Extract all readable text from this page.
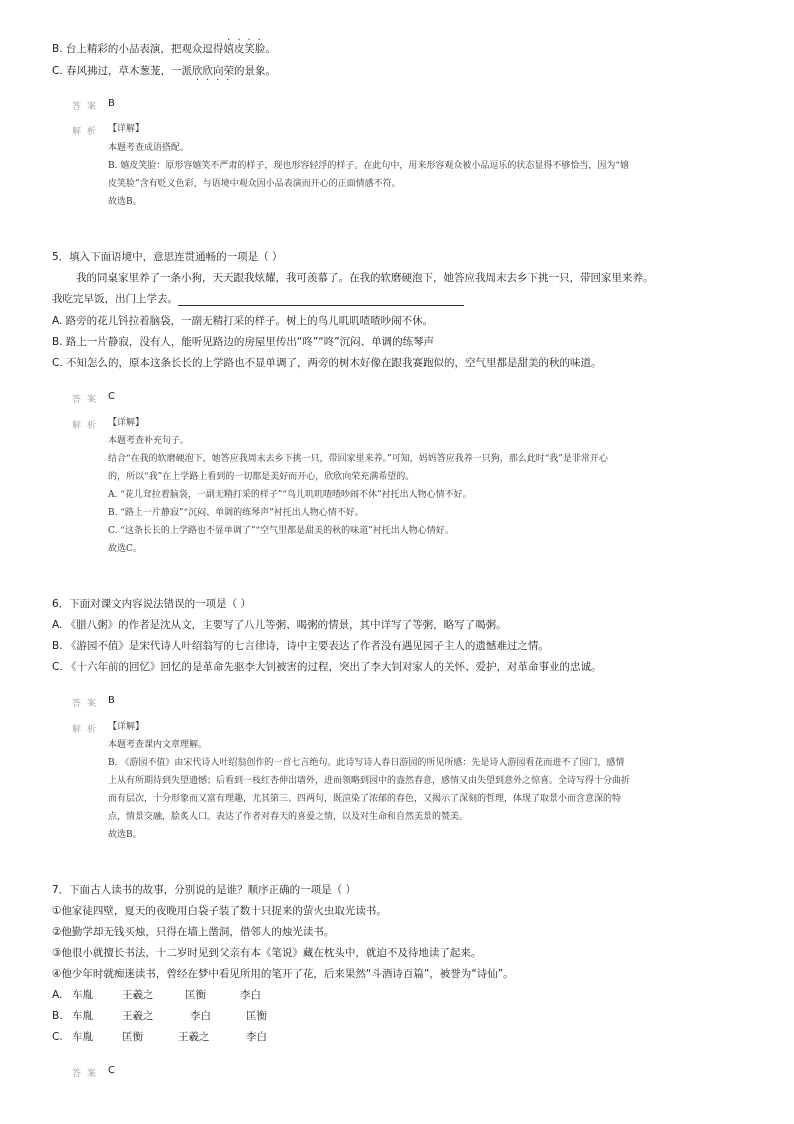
B. 台上精彩的小品表演，把观众逗得嬉皮笑脸
····
。
C. 春风拂过，草木葱茏，一派欣欣向荣
····
的景象。
答案 B
解析 【详解】
本题考查成语搭配。
B. 嬉皮笑脸：原形容嬉笑不严肃的样子，现也形容轻浮的样子。在此句中，用来形容观众被小品逗乐的状态显得不够恰当，因为“嬉
皮笑脸”含有贬义色彩，与语境中观众因小品表演而开心的正面情感不符。
故选B。
5．填入下面语境中，意思连贯通畅的一项是（ ）
我的同桌家里养了一条小狗，天天跟我炫耀，我可羡慕了。在我的软磨硬泡下，她答应我周末去乡下挑一只，带回家里来养。
我吃完早饭，出门上学去。
A. 路旁的花儿钭拉着脑袋，一副无精打采的样子。树上的鸟儿叽叽喳喳吵闹不休。
B. 路上一片静寂，没有人，能听见路边的房屋里传出“咚”“咚”沉闷、单调的练琴声
C. 不知怎么的，原本这条长长的上学路也不显单调了，两旁的树木好像在跟我赛跑似的，空气里都是甜美的秋的味道。
答案 C
解析 【详解】
本题考查补充句子。
结合“在我的软磨硬泡下，她答应我周末去乡下挑一只，带回家里来养。”可知，妈妈答应我养一只狗，那么此时“我”是非常开心
的，所以“我”在上学路上看到的一切都是美好而开心，欣欣向荣充满希望的。
A. “花儿耷拉着脑袋，一副无精打采的样子”“鸟儿叽叽喳喳吵闹不休”衬托出人物心情不好。
B. “路上一片静寂”“沉闷、单调的练琴声”衬托出人物心情不好。
C. “这条长长的上学路也不显单调了”“空气里都是甜美的秋的味道”衬托出人物心情好。
故选C。
6．下面对课文内容说法错误的一项是（ ）
A. 《腊八粥》的作者是沈从文，主要写了八儿等粥、喝粥的情景，其中详写了等粥，略写了喝粥。
B. 《游园不值》是宋代诗人叶绍翁写的七言律诗，诗中主要表达了作者没有遇见园子主人的遗憾难过之情。
C. 《十六年前的回忆》回忆的是革命先驱李大钊被害的过程，突出了李大钊对家人的关怀、爱护，对革命事业的忠诚。
答案 B
解析 【详解】
本题考查课内文章理解。
B. 《游园不值》由宋代诗人叶绍翁创作的一首七言绝句。此诗写诗人春日游园的所见所感：先是诗人游园看花而进不了园门，感情
上从有所期待到失望遗憾；后看到一枝红杏伸出墙外，进而领略到园中的盎然春意，感情又由失望到意外之惊喜。全诗写得十分曲折
而有层次，十分形象而又富有理趣，尤其第三、四两句，既渲染了浓郁的春色，又揭示了深刻的哲理，体现了取景小而含意深的特
点，情景交融，脍炙人口。表达了作者对春天的喜爱之情，以及对生命和自然美景的赞美。
故选B。
7．下面古人读书的故事，分别说的是谁？顺序正确的一项是（ ）
①他家徒四壁，夏天的夜晚用白袋子装了数十只捉来的萤火虫取光读书。
②他勤学却无钱买烛，只得在墙上凿洞，借邻人的烛光读书。
③他很小就擅长书法，十二岁时见到父亲有本《笔说》藏在枕头中，就迫不及待地读了起来。
④他少年时就痴迷读书，曾经在梦中看见所用的笔开了花，后来果然“斗酒诗百篇”，被誉为“诗仙”。
A. 车胤	王羲之	匡衡	李白
B. 车胤	王羲之	李白	匡衡
C. 车胤	匡衡	王羲之	李白
答案 C
